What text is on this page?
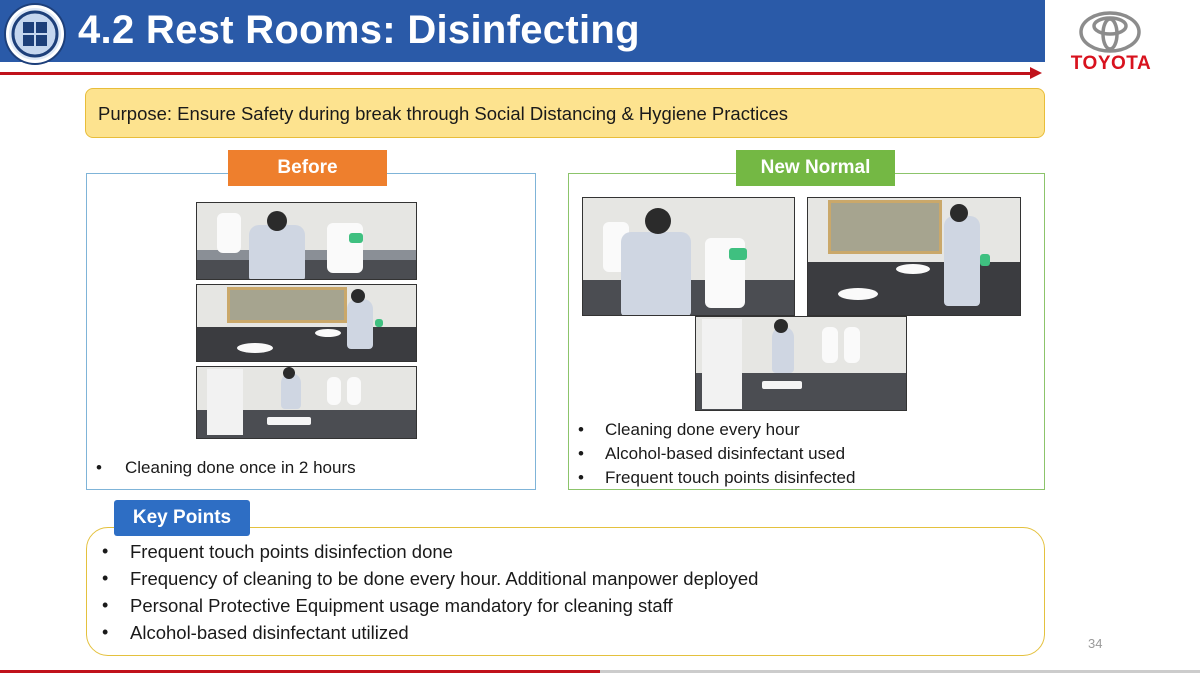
4.2 Rest Rooms: Disinfecting
TOYOTA
Purpose: Ensure Safety during break through Social Distancing & Hygiene Practices
Before
• Cleaning done once in 2 hours
New Normal
• Cleaning done every hour
• Alcohol-based disinfectant used
• Frequent touch points disinfected
Key Points
• Frequent touch points disinfection done
• Frequency of cleaning to be done every hour. Additional manpower deployed
• Personal Protective Equipment usage mandatory for cleaning staff
• Alcohol-based disinfectant utilized
34
